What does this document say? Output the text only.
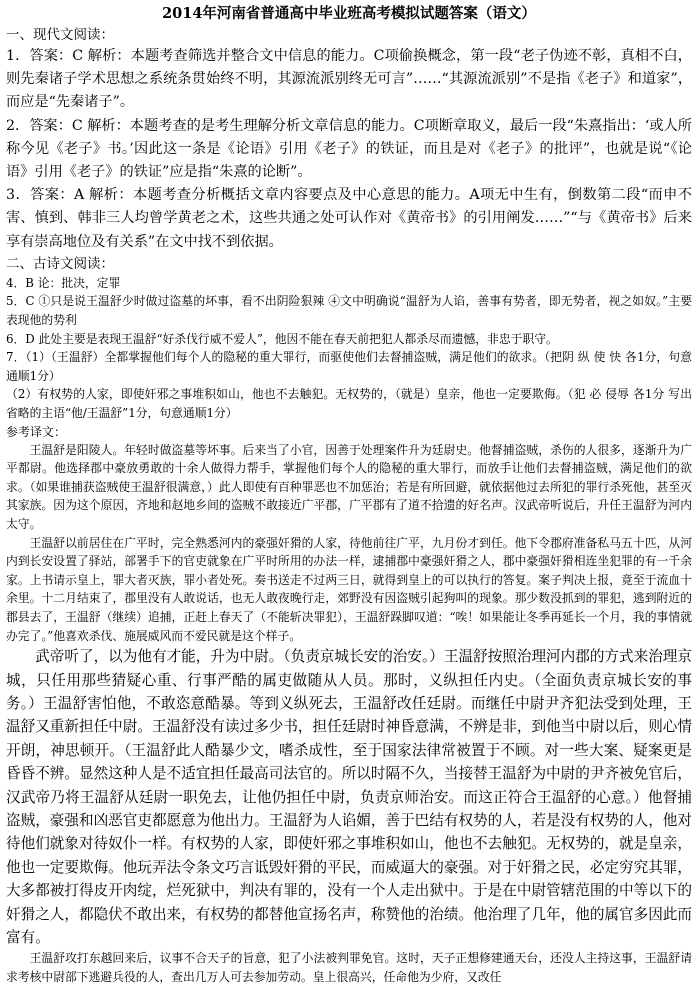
2014年河南省普通高中毕业班高考模拟试题答案（语文）

一、现代文阅读：

1．答案：C 解析：本题考查筛选并整合文中信息的能力。C项偷换概念，第一段“老子伪迹不彰，真相不白，则先秦诸子学术思想之系统条贯始终不明，其源流派别终无可言”……“其源流派别”不是指《老子》和道家”，而应是“先秦诸子”。

2．答案：C 解析：本题考查的是考生理解分析文章信息的能力。C项断章取义，最后一段“朱熹指出：‘或人所称今见《老子》书。’因此这一条是《论语》引用《老子》的铁证，而且是对《老子》的批评”，也就是说“《论语》引用《老子》的铁证”应是指“朱熹的论断”。

3．答案：A 解析：本题考查分析概括文章内容要点及中心意思的能力。A项无中生有，倒数第二段“而申不害、慎到、韩非三人均曾学黄老之术，这些共通之处可认作对《黄帝书》的引用阐发……”“与《黄帝书》后来享有崇高地位及有关系”在文中找不到依据。

二、古诗文阅读：

4．B 论：批决，定罪

5．C ①只是说王温舒少时做过盗墓的坏事，看不出阴险狠辣 ④文中明确说“温舒为人谄，善事有势者，即无势者，视之如奴。”主要表现他的势利

6．D 此处主要是表现王温舒“好杀伐行威不爱人”，他因不能在春天前把犯人都杀尽而遗憾，非忠于职守。

7．（1）（王温舒）全都掌握他们每个人的隐秘的重大罪行，而驱使他们去督捕盗贼，满足他们的欲求。（把阴 纵 使 快 各1分，句意通顺1分）

（2）有权势的人家，即使奸邪之事堆积如山，他也不去触犯。无权势的，（就是）皇亲，他也一定要欺侮。（犯 必 侵辱 各1分 写出省略的主语“他/王温舒”1分，句意通顺1分）

参考译文：

王温舒是阳陵人。年轻时做盗墓等坏事。后来当了小官，因善于处理案件升为廷尉史。他督捕盗贼，杀伤的人很多，逐渐升为广平都尉。他选择郡中豪放勇敢的十余人做得力帮手，掌握他们每个人的隐秘的重大罪行，而放手让他们去督捕盗贼，满足他们的欲求。（如果谁捕获盗贼使王温舒很满意，）此人即使有百种罪恶也不加惩治；若是有所回避，就依据他过去所犯的罪行杀死他，甚至灭其家族。因为这个原因，齐地和赵地乡间的盗贼不敢接近广平郡，广平郡有了道不拾遗的好名声。汉武帝听说后，升任王温舒为河内太守。

王温舒以前居住在广平时，完全熟悉河内的豪强奸猾的人家，待他前往广平，九月份才到任。他下令郡府准备私马五十匹，从河内到长安设置了驿站，部署手下的官吏就象在广平时所用的办法一样，逮捕郡中豪强奸猾之人，郡中豪强奸猾相连坐犯罪的有一千余家。上书请示皇上，罪大者灭族，罪小者处死。奏书送走不过两三日，就得到皇上的可以执行的答复。案子判决上报，竟至于流血十余里。十二月结束了，郡里没有人敢说话，也无人敢夜晚行走，郊野没有因盗贼引起狗叫的现象。那少数没抓到的罪犯，逃到附近的郡县去了，王温舒（继续）追捕，正赶上春天了（不能斩决罪犯），王温舒跺脚叹道：“唉！如果能让冬季再延长一个月，我的事情就办完了。”他喜欢杀伐、施展威风而不爱民就是这个样子。

武帝听了，以为他有才能，升为中尉。（负责京城长安的治安。）王温舒按照治理河内郡的方式来治理京城，只任用那些猜疑心重、行事严酷的属吏做随从人员。那时，义纵担任内史。（全面负责京城长安的事务。）王温舒害怕他，不敢恣意酷暴。等到义纵死去，王温舒改任廷尉。而继任中尉尹齐犯法受到处理，王温舒又重新担任中尉。王温舒没有读过多少书，担任廷尉时神昏意满，不辨是非，到他当中尉以后，则心情开朗，神思顿开。（王温舒此人酷暴少文，嗜杀成性，至于国家法律常被置于不顾。对一些大案、疑案更是昏昏不辨。显然这种人是不适宜担任最高司法官的。所以时隔不久，当接替王温舒为中尉的尹齐被免官后，汉武帝乃将王温舒从廷尉一职免去，让他仍担任中尉，负责京师治安。而这正符合王温舒的心意。）他督捕盗贼，豪强和凶恶官吏都愿意为他出力。王温舒为人谄媚，善于巴结有权势的人，若是没有权势的人，他对待他们就象对待奴仆一样。有权势的人家，即使奸邪之事堆积如山，他也不去触犯。无权势的，就是皇亲，他也一定要欺侮。他玩弄法令条文巧言诋毁奸猾的平民，而威逼大的豪强。对于奸猾之民，必定穷究其罪，大多都被打得皮开肉绽，烂死狱中，判决有罪的，没有一个人走出狱中。于是在中尉管辖范围的中等以下的奸猾之人，都隐伏不敢出来，有权势的都替他宣扬名声，称赞他的治绩。他治理了几年，他的属官多因此而富有。

王温舒攻打东越回来后，议事不合天子的旨意，犯了小法被判罪免官。这时，天子正想修建通天台，还没人主持这事，王温舒请求考核中尉部下逃避兵役的人，查出几万人可去参加劳动。皇上很高兴，任命他为少府，又改任
